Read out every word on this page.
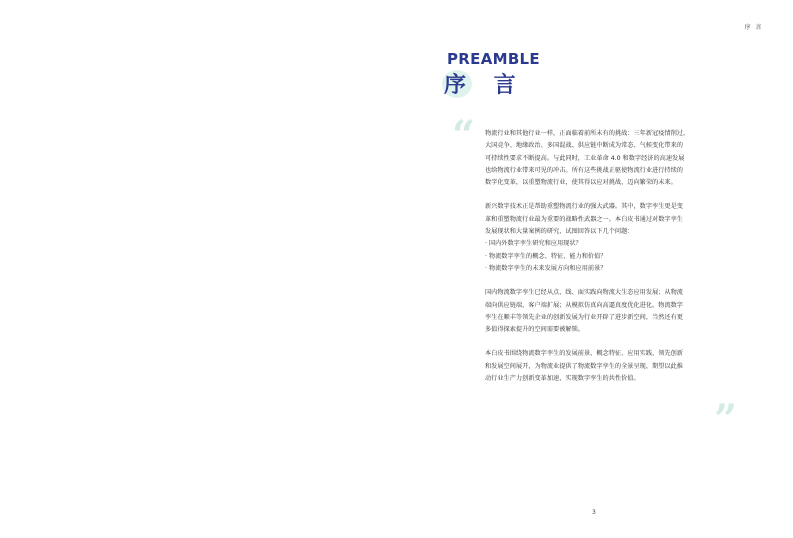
序 言
PREAMBLE
序 言
“ 物流行业和其他行业一样，正面临着前所未有的挑战：三年新冠疫情削过，
大国竞争、地缘政治、多国混战、供应链中断成为常态、气候变化带来的
可持续性要求不断提高。与此同时，工业革命 4.0 和数字经济的高速发展
也给物流行业带来可见的冲击。所有这些挑战正驱使物流行业进行持续的
数字化变革，以重塑物流行业，使其得以应对挑战，迈向繁荣的未来。
新兴数字技术正是帮助重塑物流行业的强大武器。其中，数字孪生更是变
革和重塑物流行业最为重要的战略性武器之一。本白皮书通过对数字孪生
发展现状和大量案例的研究，试图回答以下几个问题：
· 国内外数字孪生研究和应用现状？
· 物流数字孪生的概念、特征、能力和价值？
· 物流数字孪生的未来发展方向和应用前景？
国内物流数字孪生已经从点、线、面实践向物流大生态应用发展；从物流
端向供应链端、客户端扩展；从模拟仿真向高逼真度优化进化。物流数字
孪生在顺丰等领先企业的创新发展为行业开辟了进步新空间，当然还有更
多值得探索提升的空间需要被解锁。
本白皮书围绕物流数字孪生的发展前景、概念特征、应用实践、领先创新
和发展空间展开，为物流业提供了物流数字孪生的全景呈现，期望以此推
动行业生产力创新变革加速，实现数字孪生的共性价值。
”
3
